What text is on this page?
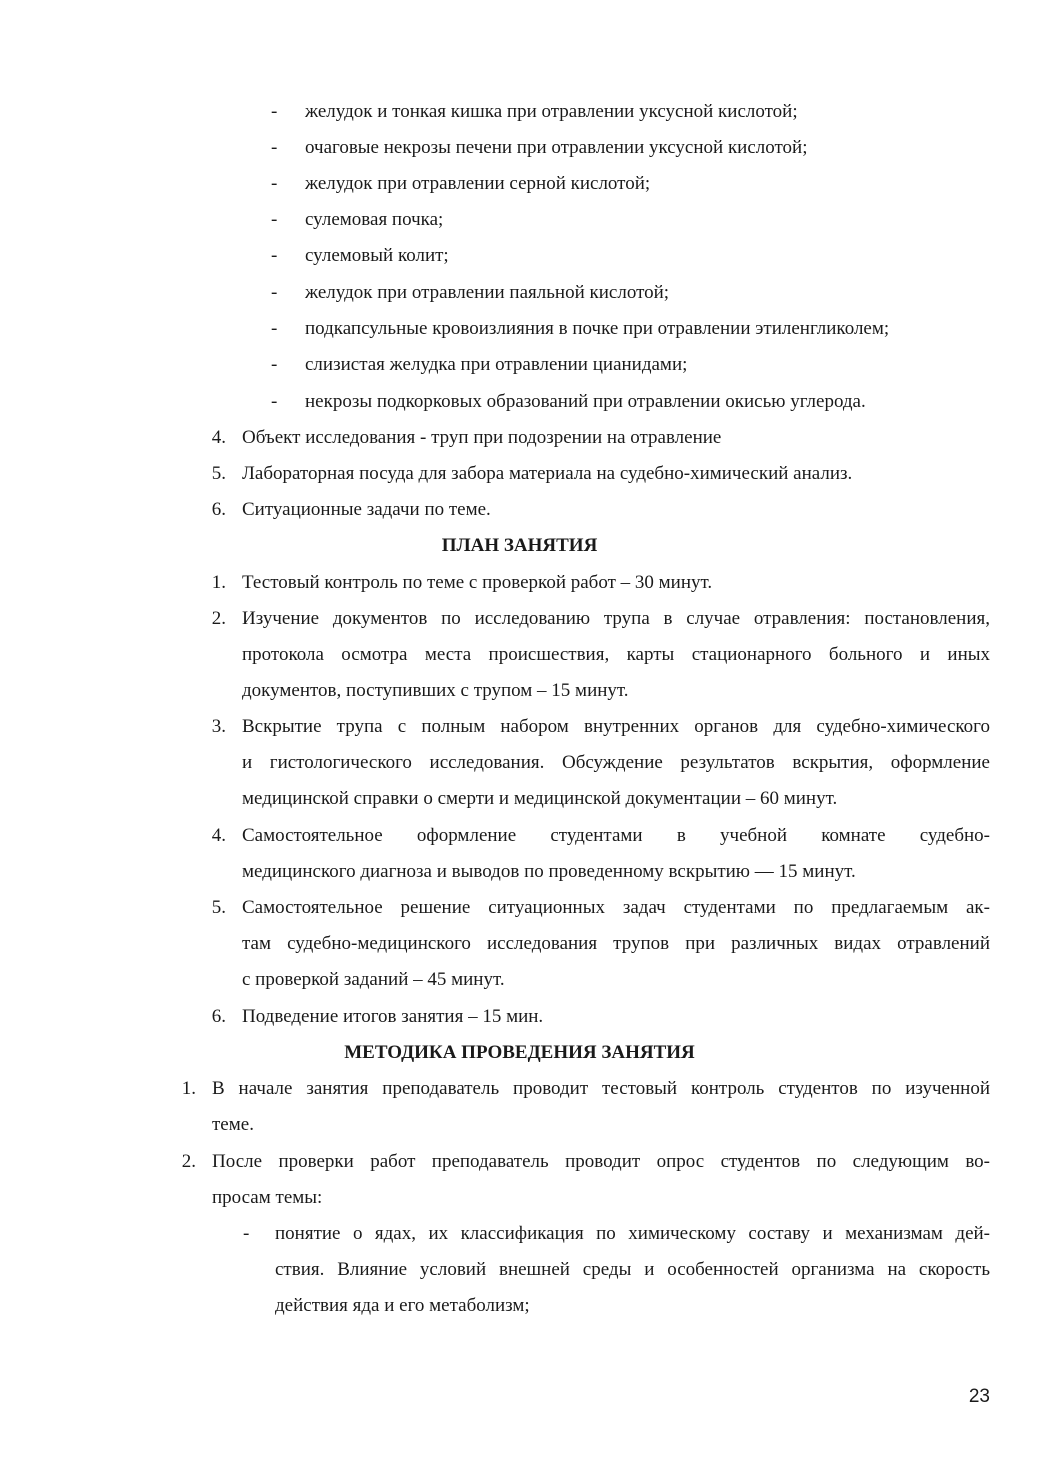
- желудок и тонкая кишка при отравлении уксусной кислотой;
- очаговые некрозы печени при отравлении уксусной кислотой;
- желудок при отравлении серной кислотой;
- сулемовая почка;
- сулемовый колит;
- желудок при отравлении паяльной кислотой;
- подкапсульные кровоизлияния в почке при отравлении этиленгликолем;
- слизистая желудка при отравлении цианидами;
- некрозы подкорковых образований при отравлении окисью углерода.
4. Объект исследования - труп при подозрении на отравление
5. Лабораторная посуда для забора материала на судебно-химический анализ.
6. Ситуационные задачи по теме.
ПЛАН ЗАНЯТИЯ
1. Тестовый контроль по теме с проверкой работ – 30 минут.
2. Изучение документов по исследованию трупа в случае отравления: постановления,
протокола осмотра места происшествия, карты стационарного больного и иных
документов, поступивших с трупом – 15 минут.
3. Вскрытие трупа с полным набором внутренних органов для судебно-химического
и гистологического исследования. Обсуждение результатов вскрытия, оформление
медицинской справки о смерти и медицинской документации – 60 минут.
4. Самостоятельное оформление студентами в учебной комнате судебно-
медицинского диагноза и выводов по проведенному вскрытию — 15 минут.
5. Самостоятельное решение ситуационных задач студентами по предлагаемым ак-
там судебно-медицинского исследования трупов при различных видах отравлений
с проверкой заданий – 45 минут.
6. Подведение итогов занятия – 15 мин.
МЕТОДИКА ПРОВЕДЕНИЯ ЗАНЯТИЯ
1. В начале занятия преподаватель проводит тестовый контроль студентов по изученной
теме.
2. После проверки работ преподаватель проводит опрос студентов по следующим во-
просам темы:
- понятие о ядах, их классификация по химическому составу и механизмам дей-
ствия. Влияние условий внешней среды и особенностей организма на скорость
действия яда и его метаболизм;
23
